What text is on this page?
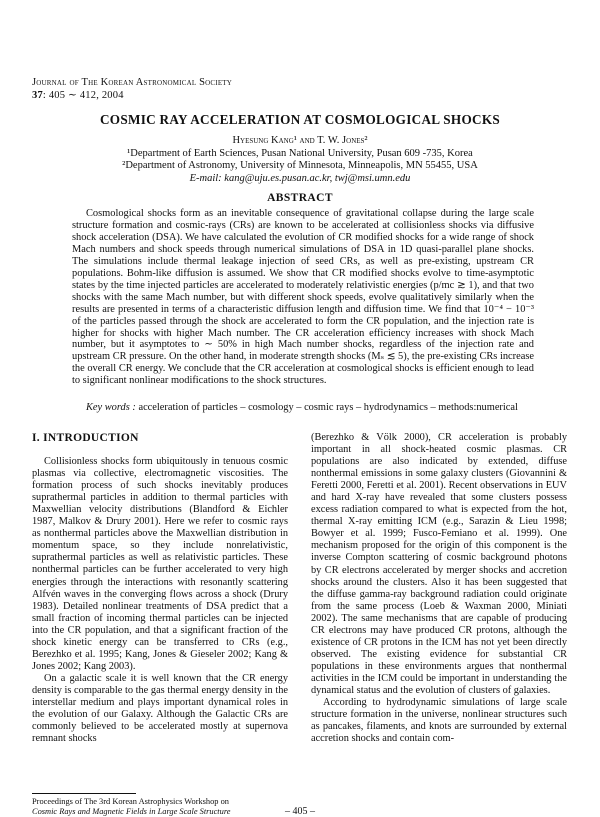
Journal of The Korean Astronomical Society
37: 405 ∼ 412, 2004
COSMIC RAY ACCELERATION AT COSMOLOGICAL SHOCKS
Hyesung Kang¹ and T. W. Jones²
¹Department of Earth Sciences, Pusan National University, Pusan 609 -735, Korea
²Department of Astronomy, University of Minnesota, Minneapolis, MN 55455, USA
E-mail: kang@uju.es.pusan.ac.kr, twj@msi.umn.edu
ABSTRACT
Cosmological shocks form as an inevitable consequence of gravitational collapse during the large scale structure formation and cosmic-rays (CRs) are known to be accelerated at collisionless shocks via diffusive shock acceleration (DSA). We have calculated the evolution of CR modified shocks for a wide range of shock Mach numbers and shock speeds through numerical simulations of DSA in 1D quasi-parallel plane shocks. The simulations include thermal leakage injection of seed CRs, as well as pre-existing, upstream CR populations. Bohm-like diffusion is assumed. We show that CR modified shocks evolve to time-asymptotic states by the time injected particles are accelerated to moderately relativistic energies (p/mc ≳ 1), and that two shocks with the same Mach number, but with different shock speeds, evolve qualitatively similarly when the results are presented in terms of a characteristic diffusion length and diffusion time. We find that 10⁻⁴ − 10⁻³ of the particles passed through the shock are accelerated to form the CR population, and the injection rate is higher for shocks with higher Mach number. The CR acceleration efficiency increases with shock Mach number, but it asymptotes to ∼ 50% in high Mach number shocks, regardless of the injection rate and upstream CR pressure. On the other hand, in moderate strength shocks (Mₛ ≲ 5), the pre-existing CRs increase the overall CR energy. We conclude that the CR acceleration at cosmological shocks is efficient enough to lead to significant nonlinear modifications to the shock structures.
Key words : acceleration of particles – cosmology – cosmic rays – hydrodynamics – methods:numerical
I. INTRODUCTION

Collisionless shocks form ubiquitously in tenuous cosmic plasmas via collective, electromagnetic viscosities. The formation process of such shocks inevitably produces suprathermal particles in addition to thermal particles with Maxwellian velocity distributions (Blandford & Eichler 1987, Malkov & Drury 2001). Here we refer to cosmic rays as nonthermal particles above the Maxwellian distribution in momentum space, so they include nonrelativistic, suprathermal particles as well as relativistic particles. These nonthermal particles can be further accelerated to very high energies through the interactions with resonantly scattering Alfvén waves in the converging flows across a shock (Drury 1983). Detailed nonlinear treatments of DSA predict that a small fraction of incoming thermal particles can be injected into the CR population, and that a significant fraction of the shock kinetic energy can be transferred to CRs (e.g., Berezhko et al. 1995; Kang, Jones & Gieseler 2002; Kang & Jones 2002; Kang 2003).

On a galactic scale it is well known that the CR energy density is comparable to the gas thermal energy density in the interstellar medium and plays important dynamical roles in the evolution of our Galaxy. Although the Galactic CRs are commonly believed to be accelerated mostly at supernova remnant shocks

(Berezhko & Völk 2000), CR acceleration is probably important in all shock-heated cosmic plasmas. CR populations are also indicated by extended, diffuse nonthermal emissions in some galaxy clusters (Giovannini & Feretti 2000, Feretti et al. 2001). Recent observations in EUV and hard X-ray have revealed that some clusters possess excess radiation compared to what is expected from the hot, thermal X-ray emitting ICM (e.g., Sarazin & Lieu 1998; Bowyer et al. 1999; Fusco-Femiano et al. 1999). One mechanism proposed for the origin of this component is the inverse Compton scattering of cosmic background photons by CR electrons accelerated by merger shocks and accretion shocks around the clusters. Also it has been suggested that the diffuse gamma-ray background radiation could originate from the same process (Loeb & Waxman 2000, Miniati 2002). The same mechanisms that are capable of producing CR electrons may have produced CR protons, although the existence of CR protons in the ICM has not yet been directly observed. The existing evidence for substantial CR populations in these environments argues that nonthermal activities in the ICM could be important in understanding the dynamical status and the evolution of clusters of galaxies.

According to hydrodynamic simulations of large scale structure formation in the universe, nonlinear structures such as pancakes, filaments, and knots are surrounded by external accretion shocks and contain com-

Proceedings of The 3rd Korean Astrophysics Workshop on
Cosmic Rays and Magnetic Fields in Large Scale Structure	– 405 –
